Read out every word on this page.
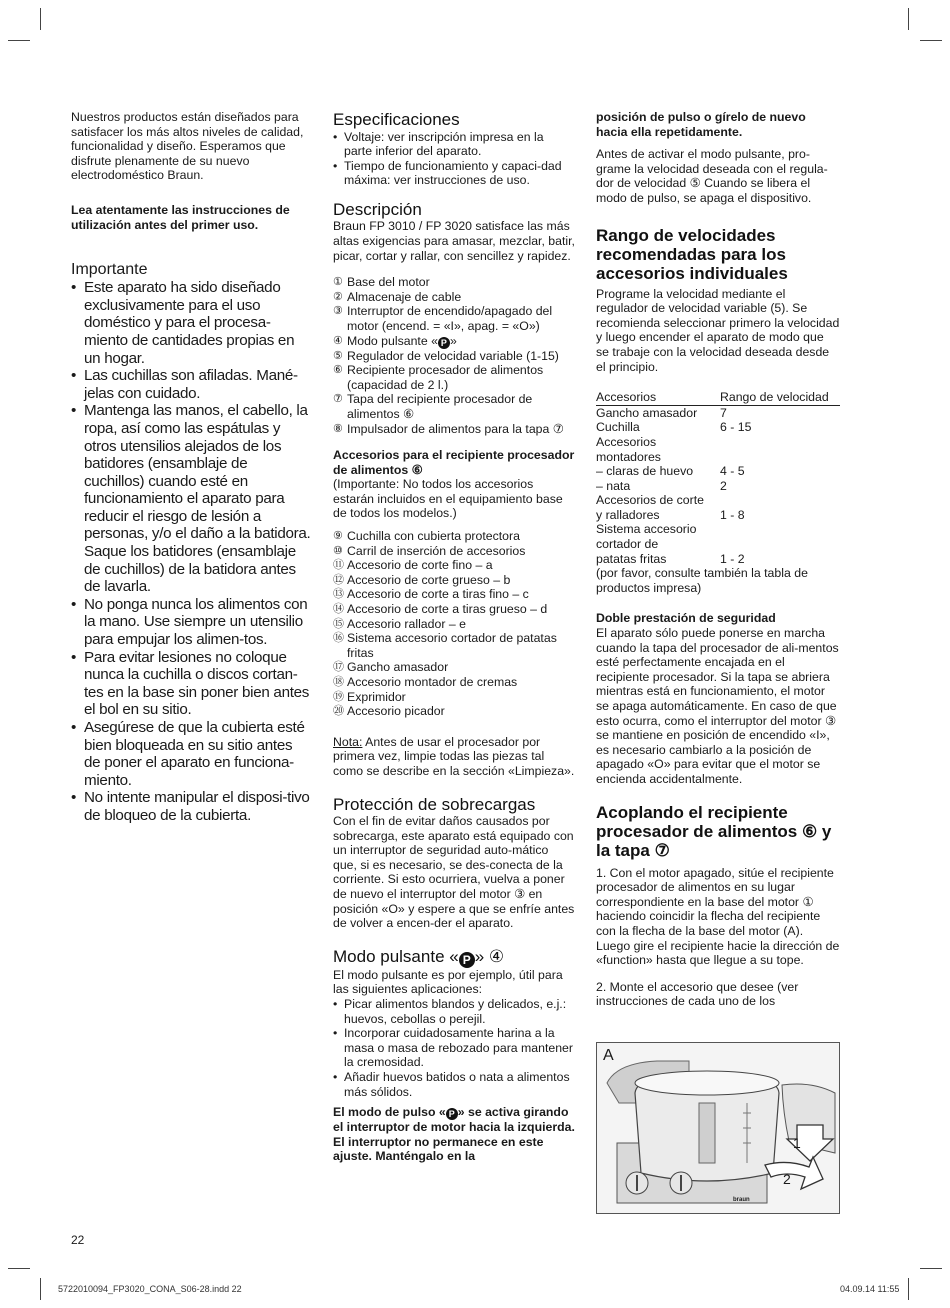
Nuestros productos están diseñados para satisfacer los más altos niveles de calidad, funcionalidad y diseño. Esperamos que disfrute plenamente de su nuevo electrodoméstico Braun.

Lea atentamente las instrucciones de utilización antes del primer uso.

Importante
• Este aparato ha sido diseñado exclusivamente para el uso doméstico y para el procesa-miento de cantidades propias en un hogar.
• Las cuchillas son afiladas. Mané-jelas con cuidado.
• Mantenga las manos, el cabello, la ropa, así como las espátulas y otros utensilios alejados de los batidores (ensamblaje de cuchillos) cuando esté en funcionamiento el aparato para reducir el riesgo de lesión a personas, y/o el daño a la batidora. Saque los batidores (ensamblaje de cuchillos) de la batidora antes de lavarla.
• No ponga nunca los alimentos con la mano. Use siempre un utensilio para empujar los alimen-tos.
• Para evitar lesiones no coloque nunca la cuchilla o discos cortan-tes en la base sin poner bien antes el bol en su sitio.
• Asegúrese de que la cubierta esté bien bloqueada en su sitio antes de poner el aparato en funciona-miento.
• No intente manipular el disposi-tivo de bloqueo de la cubierta.
Especificaciones
• Voltaje: ver inscripción impresa en la parte inferior del aparato.
• Tiempo de funcionamiento y capaci-dad máxima: ver instrucciones de uso.
Descripción

Braun FP 3010 / FP 3020 satisface las más altas exigencias para amasar, mezclar, batir, picar, cortar y rallar, con sencillez y rapidez.

① Base del motor
② Almacenaje de cable
③ Interruptor de encendido/apagado del motor (encend. = «I», apag. = «O»)
④ Modo pulsante « P »
⑤ Regulador de velocidad variable (1-15)
⑥ Recipiente procesador de alimentos (capacidad de 2 l.)
⑦ Tapa del recipiente procesador de alimentos ⑥
⑧ Impulsador de alimentos para la tapa ⑦

Accesorios para el recipiente procesador de alimentos ⑥

(Importante: No todos los accesorios estarán incluidos en el equipamiento base de todos los modelos.)

⑨ Cuchilla con cubierta protectora
⑩ Carril de inserción de accesorios
⑪ Accesorio de corte fino – a
⑫ Accesorio de corte grueso – b
⑬ Accesorio de corte a tiras fino – c
⑭ Accesorio de corte a tiras grueso – d
⑮ Accesorio rallador – e
⑯ Sistema accesorio cortador de patatas fritas
⑰ Gancho amasador
⑱ Accesorio montador de cremas
⑲ Exprimidor
⑳ Accesorio picador

Nota: Antes de usar el procesador por primera vez, limpie todas las piezas tal como se describe en la sección «Limpieza».

Protección de sobrecargas

Con el fin de evitar daños causados por sobrecarga, este aparato está equipado con un interruptor de seguridad auto-mático que, si es necesario, se des-conecta de la corriente. Si esto ocurriera, vuelva a poner de nuevo el interruptor del motor ③ en posición «O» y espere a que se enfríe antes de volver a encen-der el aparato.

Modo pulsante « P » ④

El modo pulsante es por ejemplo, útil para las siguientes aplicaciones:

• Picar alimentos blandos y delicados, e.j.: huevos, cebollas o perejil.
• Incorporar cuidadosamente harina a la masa o masa de rebozado para mantener la cremosidad.
• Añadir huevos batidos o nata a alimentos más sólidos.

El modo de pulso « P » se activa girando el interruptor de motor hacia la izquierda. El interruptor no permanece en este ajuste. Manténgalo en la

posición de pulso o gírelo de nuevo hacia ella repetidamente.

Antes de activar el modo pulsante, pro-grame la velocidad deseada con el regula-dor de velocidad ⑤ Cuando se libera el modo de pulso, se apaga el dispositivo.

Rango de velocidades recomendadas para los accesorios individuales

Programe la velocidad mediante el regulador de velocidad variable (5). Se recomienda seleccionar primero la velocidad y luego encender el aparato de modo que se trabaje con la velocidad deseada desde el principio.

Accesorios	Rango de velocidad
Gancho amasador	7
Cuchilla	6 - 15
Accesorios	
montadores	
– claras de huevo	4 - 5
– nata	2
Accesorios de corte	
y ralladores	1 - 8
Sistema accesorio	
cortador de	
patatas fritas	1 - 2

(por favor, consulte también la tabla de productos impresa)

Doble prestación de seguridad

El aparato sólo puede ponerse en marcha cuando la tapa del procesador de ali-mentos esté perfectamente encajada en el recipiente procesador. Si la tapa se abriera mientras está en funcionamiento, el motor se apaga automáticamente. En caso de que esto ocurra, como el interruptor del motor ③ se mantiene en posición de encendido «I», es necesario cambiarlo a la posición de apagado «O» para evitar que el motor se encienda accidentalmente.

Acoplando el recipiente procesador de alimentos ⑥ y la tapa ⑦

1. Con el motor apagado, sitúe el recipiente procesador de alimentos en su lugar correspondiente en la base del motor ① haciendo coincidir la flecha del recipiente con la flecha de la base del motor (A). Luego gire el recipiente hacie la dirección de «function» hasta que llegue a su tope.

2. Monte el accesorio que desee (ver instrucciones de cada uno de los

A
1
2
braun
22
5722010094_FP3020_CONA_S06-28.indd 22	04.09.14 11:55
